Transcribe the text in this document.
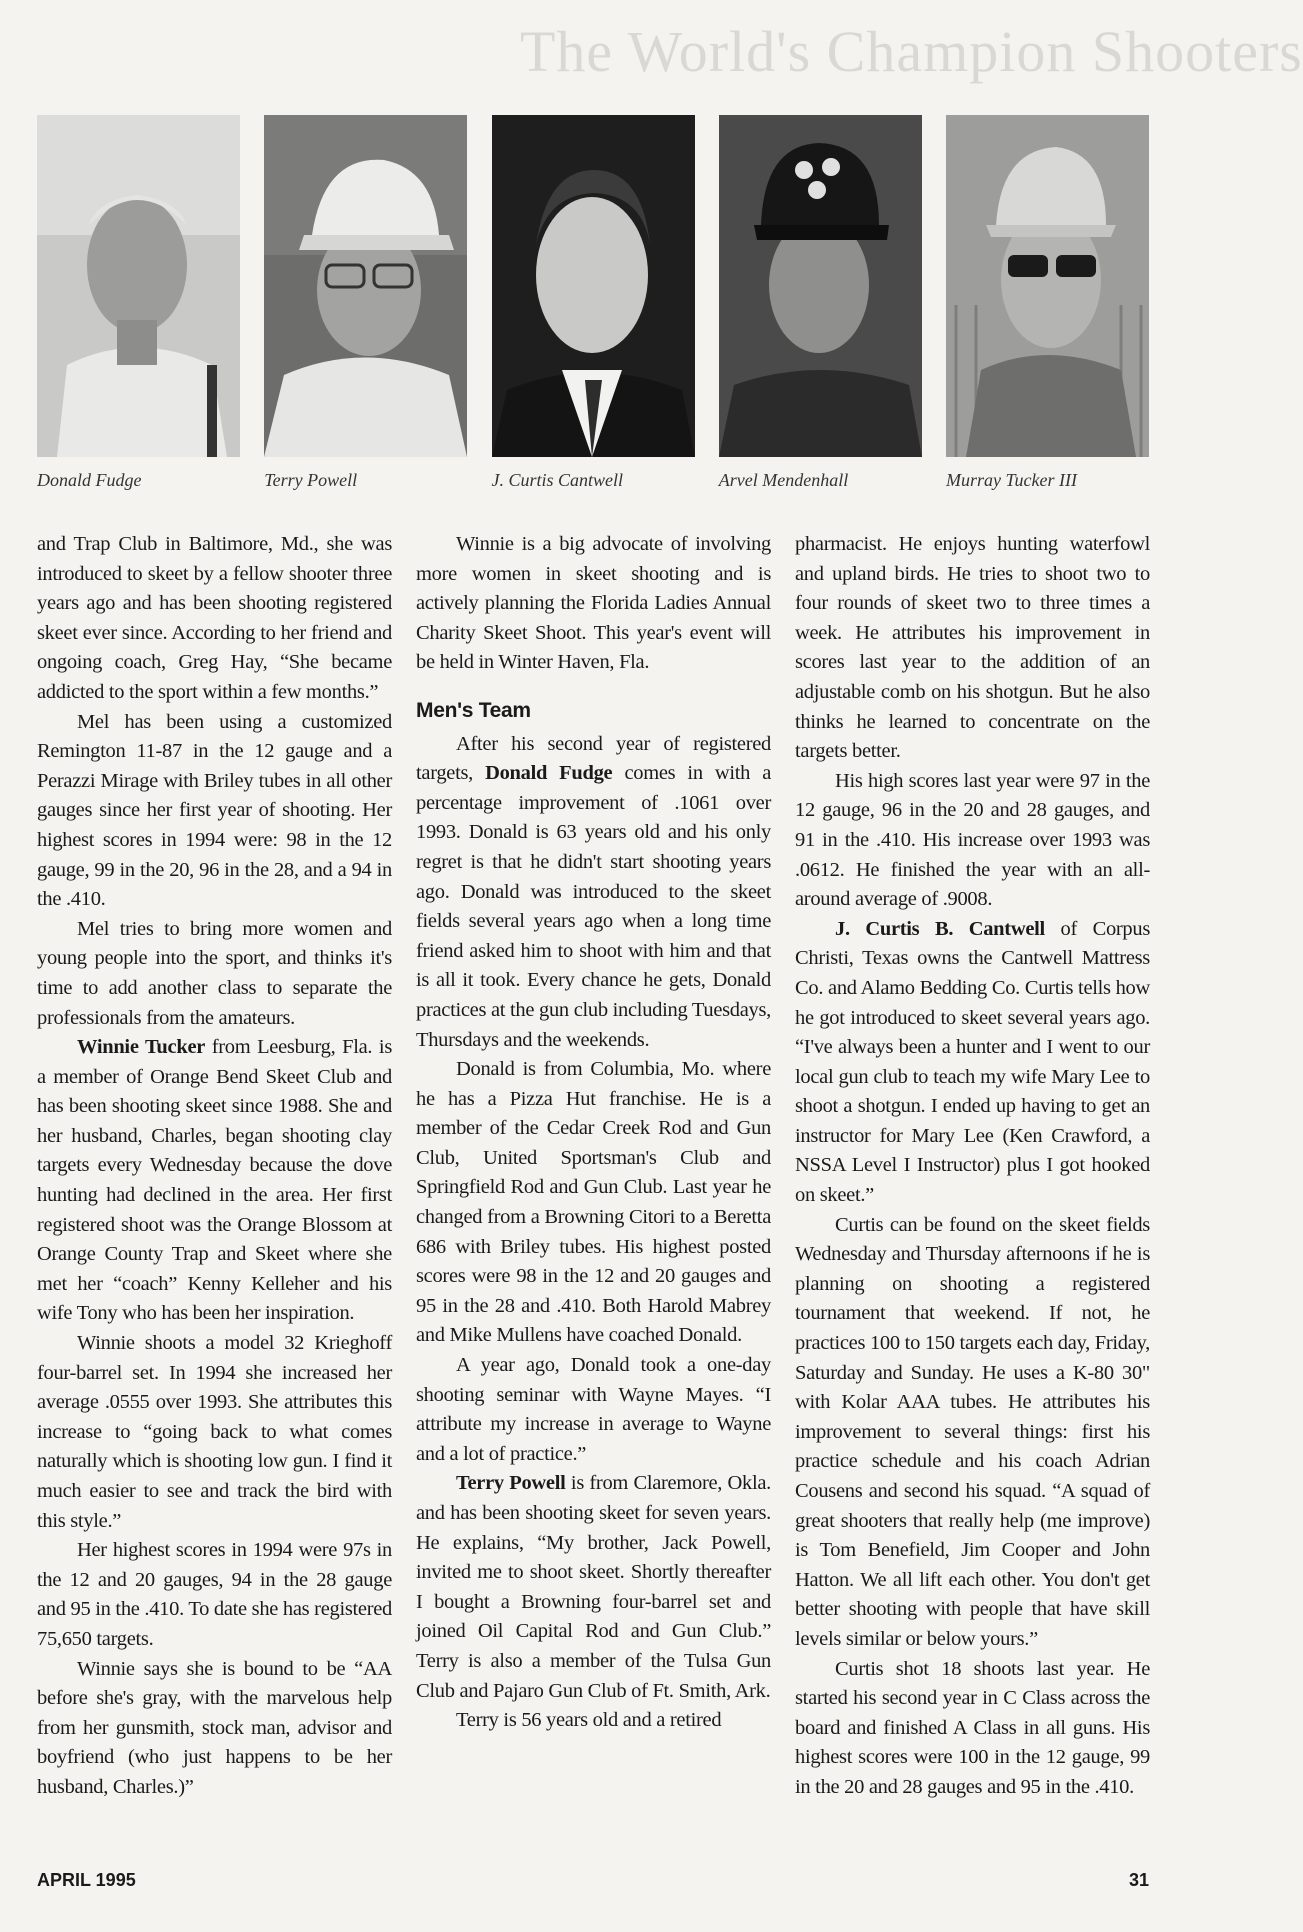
The World's Champion Shooters
Donald Fudge	Terry Powell	J. Curtis Cantwell	Arvel Mendenhall	Murray Tucker III

and Trap Club in Baltimore, Md., she was introduced to skeet by a fellow shooter three years ago and has been shooting registered skeet ever since. According to her friend and ongoing coach, Greg Hay, “She became addicted to the sport within a few months.”

Mel has been using a customized Remington 11-87 in the 12 gauge and a Perazzi Mirage with Briley tubes in all other gauges since her first year of shooting. Her highest scores in 1994 were: 98 in the 12 gauge, 99 in the 20, 96 in the 28, and a 94 in the .410.

Mel tries to bring more women and young people into the sport, and thinks it's time to add another class to separate the professionals from the amateurs.

Winnie Tucker from Leesburg, Fla. is a member of Orange Bend Skeet Club and has been shooting skeet since 1988. She and her husband, Charles, began shooting clay targets every Wednesday because the dove hunting had declined in the area. Her first registered shoot was the Orange Blossom at Orange County Trap and Skeet where she met her “coach” Kenny Kelleher and his wife Tony who has been her inspiration.

Winnie shoots a model 32 Krieghoff four-barrel set. In 1994 she increased her average .0555 over 1993. She attributes this increase to “going back to what comes naturally which is shooting low gun. I find it much easier to see and track the bird with this style.”

Her highest scores in 1994 were 97s in the 12 and 20 gauges, 94 in the 28 gauge and 95 in the .410. To date she has registered 75,650 targets.

Winnie says she is bound to be “AA before she's gray, with the marvelous help from her gunsmith, stock man, advisor and boyfriend (who just happens to be her husband, Charles.)”

Winnie is a big advocate of involving more women in skeet shooting and is actively planning the Florida Ladies Annual Charity Skeet Shoot. This year's event will be held in Winter Haven, Fla.

Men's Team

After his second year of registered targets, Donald Fudge comes in with a percentage improvement of .1061 over 1993. Donald is 63 years old and his only regret is that he didn't start shooting years ago. Donald was introduced to the skeet fields several years ago when a long time friend asked him to shoot with him and that is all it took. Every chance he gets, Donald practices at the gun club including Tuesdays, Thursdays and the weekends.

Donald is from Columbia, Mo. where he has a Pizza Hut franchise. He is a member of the Cedar Creek Rod and Gun Club, United Sportsman's Club and Springfield Rod and Gun Club. Last year he changed from a Browning Citori to a Beretta 686 with Briley tubes. His highest posted scores were 98 in the 12 and 20 gauges and 95 in the 28 and .410. Both Harold Mabrey and Mike Mullens have coached Donald.

A year ago, Donald took a one-day shooting seminar with Wayne Mayes. “I attribute my increase in average to Wayne and a lot of practice.”

Terry Powell is from Claremore, Okla. and has been shooting skeet for seven years. He explains, “My brother, Jack Powell, invited me to shoot skeet. Shortly thereafter I bought a Browning four-barrel set and joined Oil Capital Rod and Gun Club.” Terry is also a member of the Tulsa Gun Club and Pajaro Gun Club of Ft. Smith, Ark.

Terry is 56 years old and a retired

pharmacist. He enjoys hunting waterfowl and upland birds. He tries to shoot two to four rounds of skeet two to three times a week. He attributes his improvement in scores last year to the addition of an adjustable comb on his shotgun. But he also thinks he learned to concentrate on the targets better.

His high scores last year were 97 in the 12 gauge, 96 in the 20 and 28 gauges, and 91 in the .410. His increase over 1993 was .0612. He finished the year with an all-around average of .9008.

J. Curtis B. Cantwell of Corpus Christi, Texas owns the Cantwell Mattress Co. and Alamo Bedding Co. Curtis tells how he got introduced to skeet several years ago. “I've always been a hunter and I went to our local gun club to teach my wife Mary Lee to shoot a shotgun. I ended up having to get an instructor for Mary Lee (Ken Crawford, a NSSA Level I Instructor) plus I got hooked on skeet.”

Curtis can be found on the skeet fields Wednesday and Thursday afternoons if he is planning on shooting a registered tournament that weekend. If not, he practices 100 to 150 targets each day, Friday, Saturday and Sunday. He uses a K-80 30" with Kolar AAA tubes. He attributes his improvement to several things: first his practice schedule and his coach Adrian Cousens and second his squad. “A squad of great shooters that really help (me improve) is Tom Benefield, Jim Cooper and John Hatton. We all lift each other. You don't get better shooting with people that have skill levels similar or below yours.”

Curtis shot 18 shoots last year. He started his second year in C Class across the board and finished A Class in all guns. His highest scores were 100 in the 12 gauge, 99 in the 20 and 28 gauges and 95 in the .410.

APRIL 1995	31
